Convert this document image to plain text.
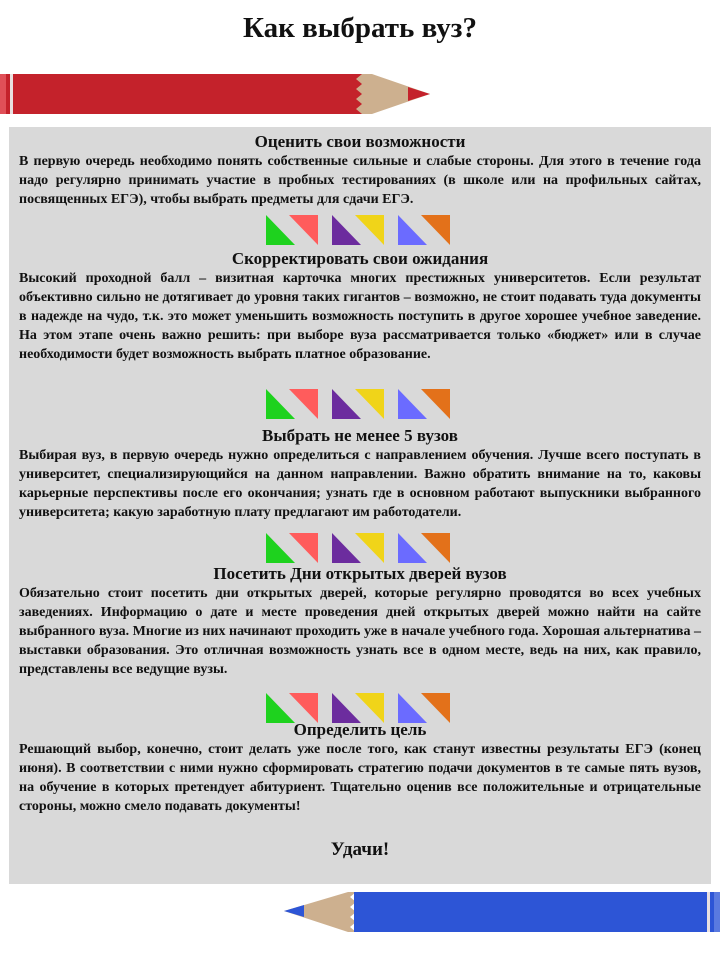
Как выбрать вуз?
Оценить свои возможности

В первую очередь необходимо понять собственные сильные и слабые стороны. Для этого в течение года надо регулярно принимать участие в пробных тестированиях (в школе или на профильных сайтах, посвященных ЕГЭ), чтобы выбрать предметы для сдачи ЕГЭ.

Скорректировать свои ожидания

Высокий проходной балл – визитная карточка многих престижных университетов. Если результат объективно сильно не дотягивает до уровня таких гигантов – возможно, не стоит подавать туда документы в надежде на чудо, т.к. это может уменьшить возможность поступить в другое хорошее учебное заведение. На этом этапе очень важно решить: при выборе вуза рассматривается только «бюджет» или в случае необходимости будет возможность выбрать платное образование.

Выбрать не менее 5 вузов

Выбирая вуз, в первую очередь нужно определиться с направлением обучения. Лучше всего поступать в университет, специализирующийся на данном направлении. Важно обратить внимание на то, каковы карьерные перспективы после его окончания; узнать где в основном работают выпускники выбранного университета; какую заработную плату предлагают им работодатели.

Посетить Дни открытых дверей вузов

Обязательно стоит посетить дни открытых дверей, которые регулярно проводятся во всех учебных заведениях. Информацию о дате и месте проведения дней открытых дверей можно найти на сайте выбранного вуза. Многие из них начинают проходить уже в начале учебного года. Хорошая альтернатива – выставки образования. Это отличная возможность узнать все в одном месте, ведь на них, как правило, представлены все ведущие вузы.

Определить цель

Решающий выбор, конечно, стоит делать уже после того, как станут известны результаты ЕГЭ (конец июня). В соответствии с ними нужно сформировать стратегию подачи документов в те самые пять вузов, на обучение в которых претендует абитуриент. Тщательно оценив все положительные и отрицательные стороны, можно смело подавать документы!

Удачи!
